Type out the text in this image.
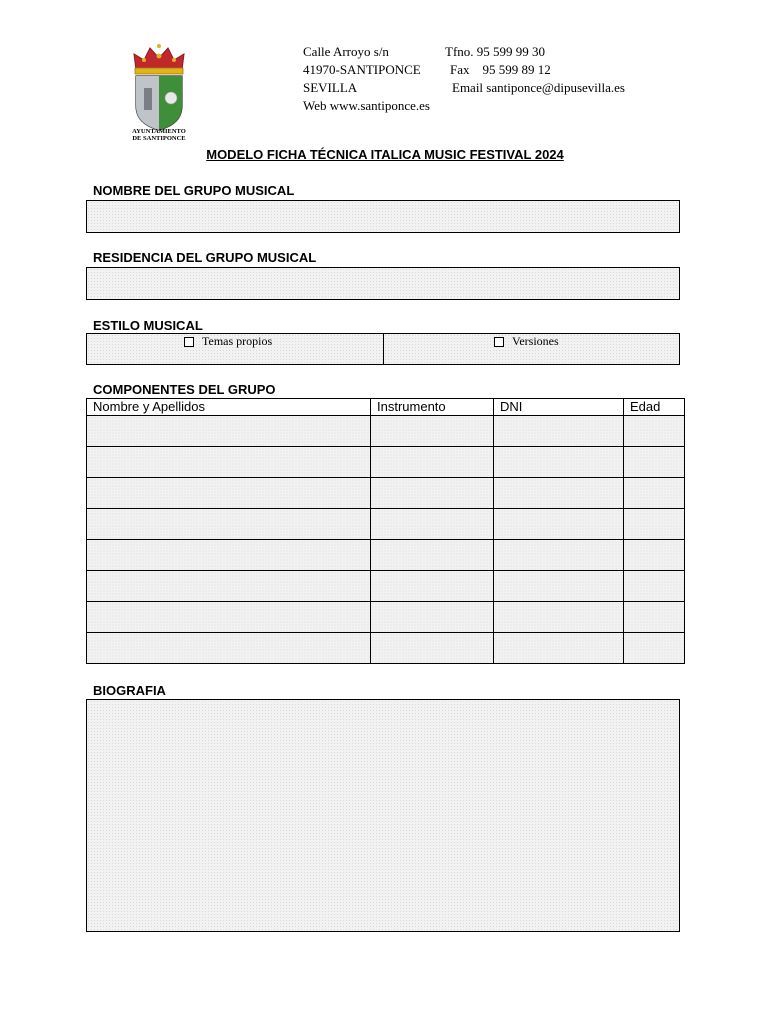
AYUNTAMIENTO
DE SANTIPONCE
Calle Arroyo s/n
41970-SANTIPONCE
SEVILLA
Web www.santiponce.es
Tfno. 95 599 99 30
Fax    95 599 89 12
Email santiponce@dipusevilla.es
MODELO FICHA TÉCNICA ITALICA MUSIC FESTIVAL 2024
NOMBRE DEL GRUPO MUSICAL
RESIDENCIA DEL GRUPO MUSICAL
ESTILO MUSICAL
Temas propios	Versiones
COMPONENTES DEL GRUPO
Nombre y Apellidos	Instrumento	DNI	Edad

BIOGRAFIA
